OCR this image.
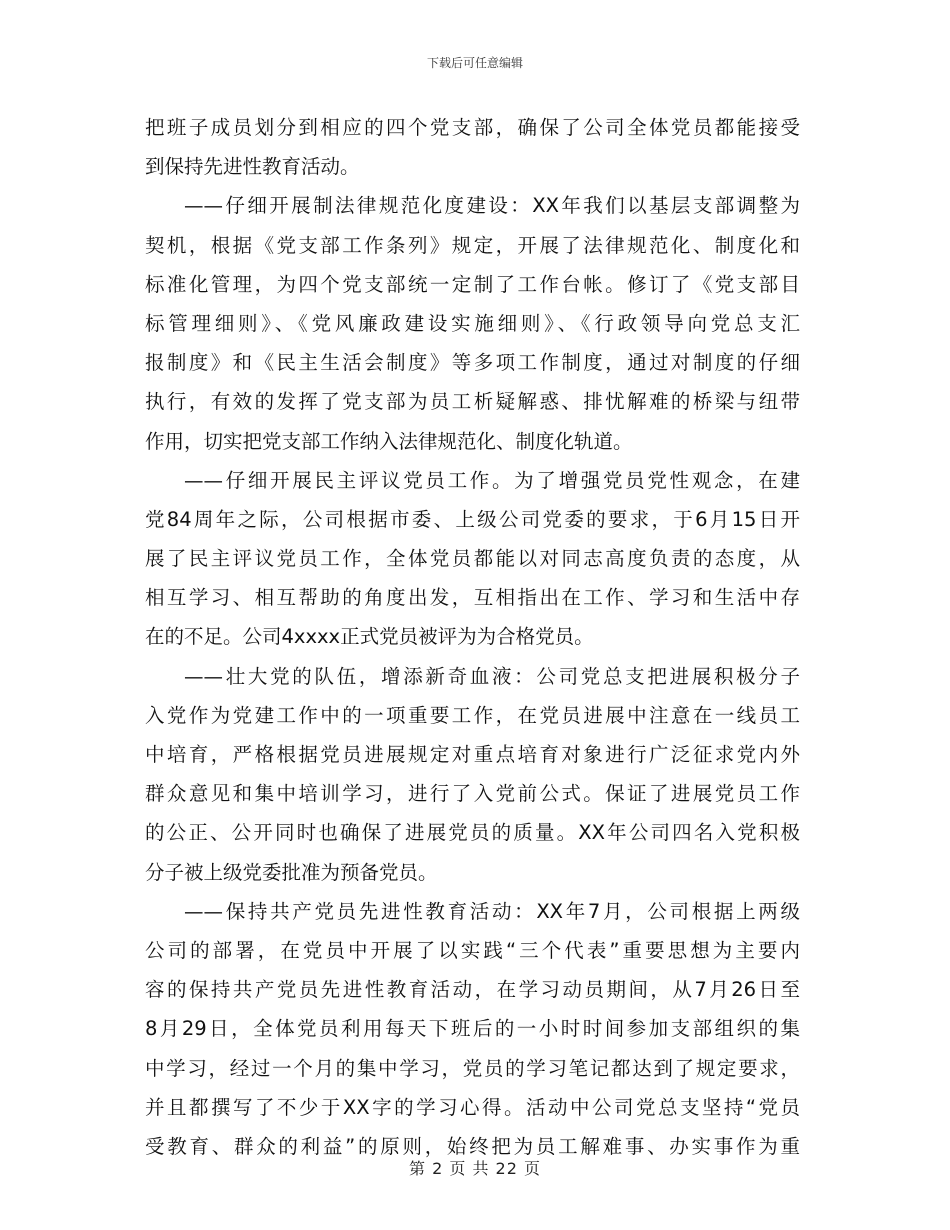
下载后可任意编辑
把班子成员划分到相应的四个党支部，确保了公司全体党员都能接受
到保持先进性教育活动。
——仔细开展制法律规范化度建设：XX年我们以基层支部调整为
契机，根据《党支部工作条列》规定，开展了法律规范化、制度化和
标准化管理，为四个党支部统一定制了工作台帐。修订了《党支部目
标管理细则》、《党风廉政建设实施细则》、《行政领导向党总支汇
报制度》和《民主生活会制度》等多项工作制度，通过对制度的仔细
执行，有效的发挥了党支部为员工析疑解惑、排忧解难的桥梁与纽带
作用，切实把党支部工作纳入法律规范化、制度化轨道。
——仔细开展民主评议党员工作。为了增强党员党性观念，在建
党84周年之际，公司根据市委、上级公司党委的要求，于6月15日开
展了民主评议党员工作，全体党员都能以对同志高度负责的态度，从
相互学习、相互帮助的角度出发，互相指出在工作、学习和生活中存
在的不足。公司4xxxx正式党员被评为为合格党员。
——壮大党的队伍，增添新奇血液：公司党总支把进展积极分子
入党作为党建工作中的一项重要工作，在党员进展中注意在一线员工
中培育，严格根据党员进展规定对重点培育对象进行广泛征求党内外
群众意见和集中培训学习，进行了入党前公式。保证了进展党员工作
的公正、公开同时也确保了进展党员的质量。XX年公司四名入党积极
分子被上级党委批准为预备党员。
——保持共产党员先进性教育活动：XX年7月，公司根据上两级
公司的部署，在党员中开展了以实践“三个代表”重要思想为主要内
容的保持共产党员先进性教育活动，在学习动员期间，从7月26日至
8月29日，全体党员利用每天下班后的一小时时间参加支部组织的集
中学习，经过一个月的集中学习，党员的学习笔记都达到了规定要求，
并且都撰写了不少于XX字的学习心得。活动中公司党总支坚持“党员
受教育、群众的利益”的原则，始终把为员工解难事、办实事作为重
第 2 页 共 22 页
